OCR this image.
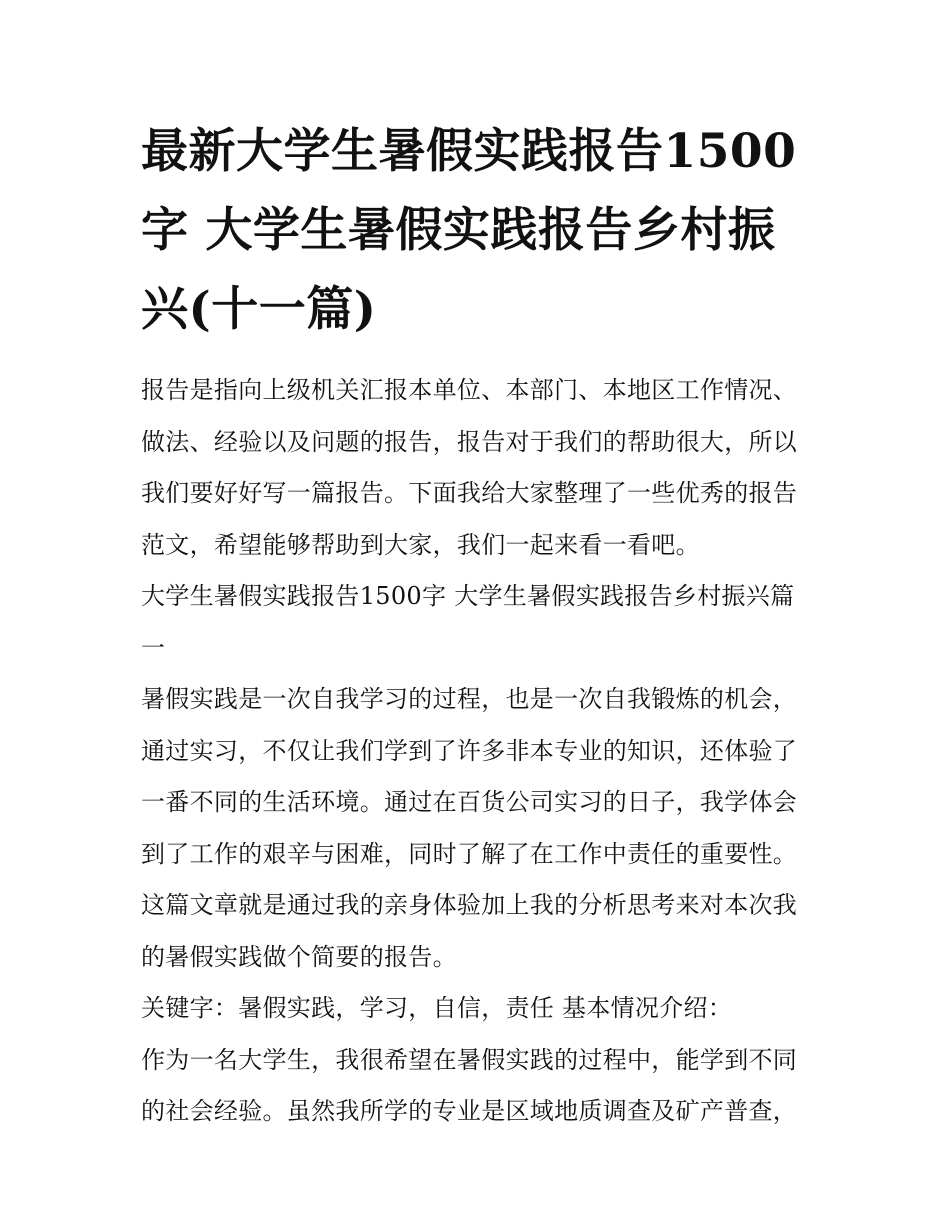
最新大学生暑假实践报告1500字 大学生暑假实践报告乡村振兴(十一篇)

报告是指向上级机关汇报本单位、本部门、本地区工作情况、做法、经验以及问题的报告，报告对于我们的帮助很大，所以我们要好好写一篇报告。下面我给大家整理了一些优秀的报告范文，希望能够帮助到大家，我们一起来看一看吧。

大学生暑假实践报告1500字 大学生暑假实践报告乡村振兴篇一

暑假实践是一次自我学习的过程，也是一次自我锻炼的机会，通过实习，不仅让我们学到了许多非本专业的知识，还体验了一番不同的生活环境。通过在百货公司实习的日子，我学体会到了工作的艰辛与困难，同时了解了在工作中责任的重要性。这篇文章就是通过我的亲身体验加上我的分析思考来对本次我的暑假实践做个简要的报告。

关键字：暑假实践，学习，自信，责任 基本情况介绍：

作为一名大学生，我很希望在暑假实践的过程中，能学到不同的社会经验。虽然我所学的专业是区域地质调查及矿产普查，
